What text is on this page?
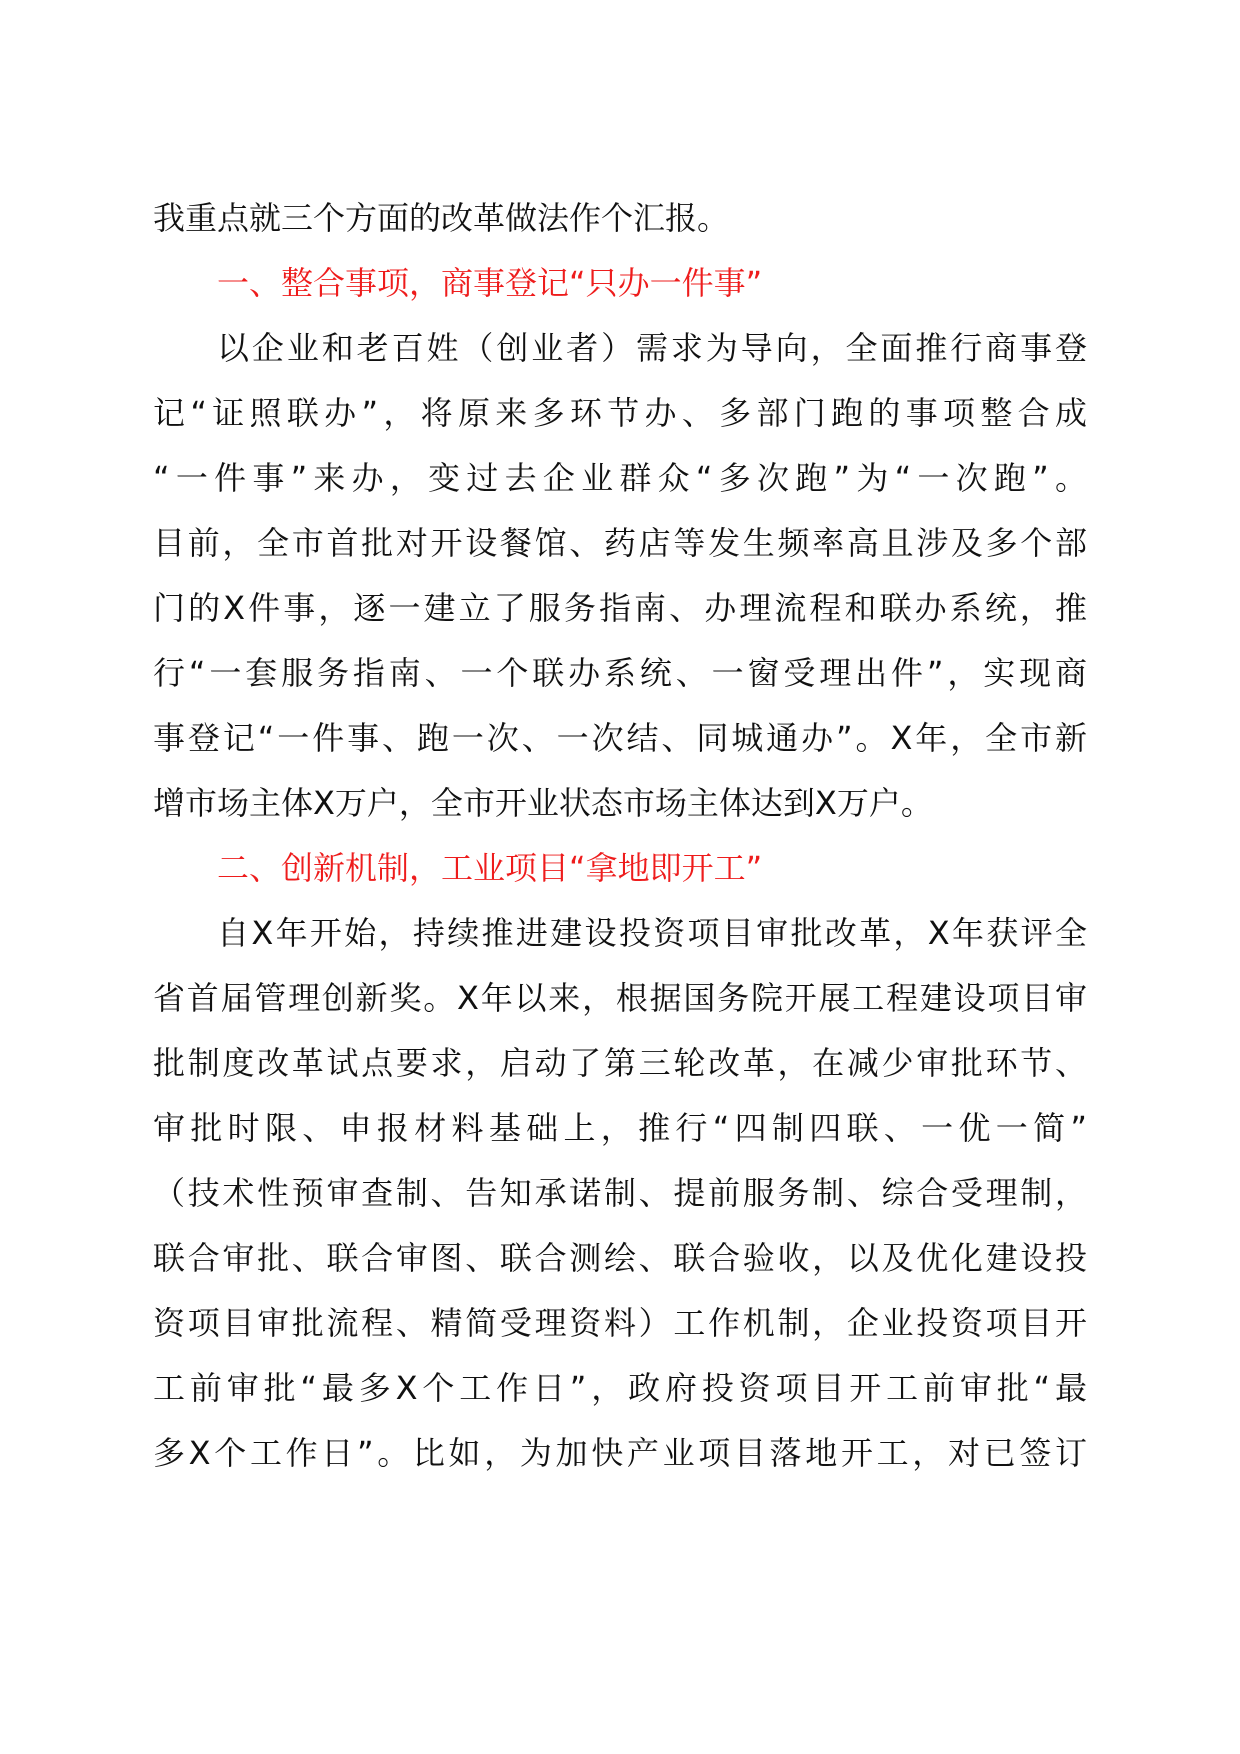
我重点就三个方面的改革做法作个汇报。
一、整合事项，商事登记“只办一件事”
以企业和老百姓（创业者）需求为导向，全面推行商事登
记“证照联办”，将原来多环节办、多部门跑的事项整合成
“一件事”来办，变过去企业群众“多次跑”为“一次跑”。
目前，全市首批对开设餐馆、药店等发生频率高且涉及多个部
门的X件事，逐一建立了服务指南、办理流程和联办系统，推
行“一套服务指南、一个联办系统、一窗受理出件”，实现商
事登记“一件事、跑一次、一次结、同城通办”。X年，全市新
增市场主体X万户，全市开业状态市场主体达到X万户。
二、创新机制，工业项目“拿地即开工”
自X年开始，持续推进建设投资项目审批改革，X年获评全
省首届管理创新奖。X年以来，根据国务院开展工程建设项目审
批制度改革试点要求，启动了第三轮改革，在减少审批环节、
审批时限、申报材料基础上，推行“四制四联、一优一简”
（技术性预审查制、告知承诺制、提前服务制、综合受理制，
联合审批、联合审图、联合测绘、联合验收，以及优化建设投
资项目审批流程、精简受理资料）工作机制，企业投资项目开
工前审批“最多X个工作日”，政府投资项目开工前审批“最
多X个工作日”。比如，为加快产业项目落地开工，对已签订
